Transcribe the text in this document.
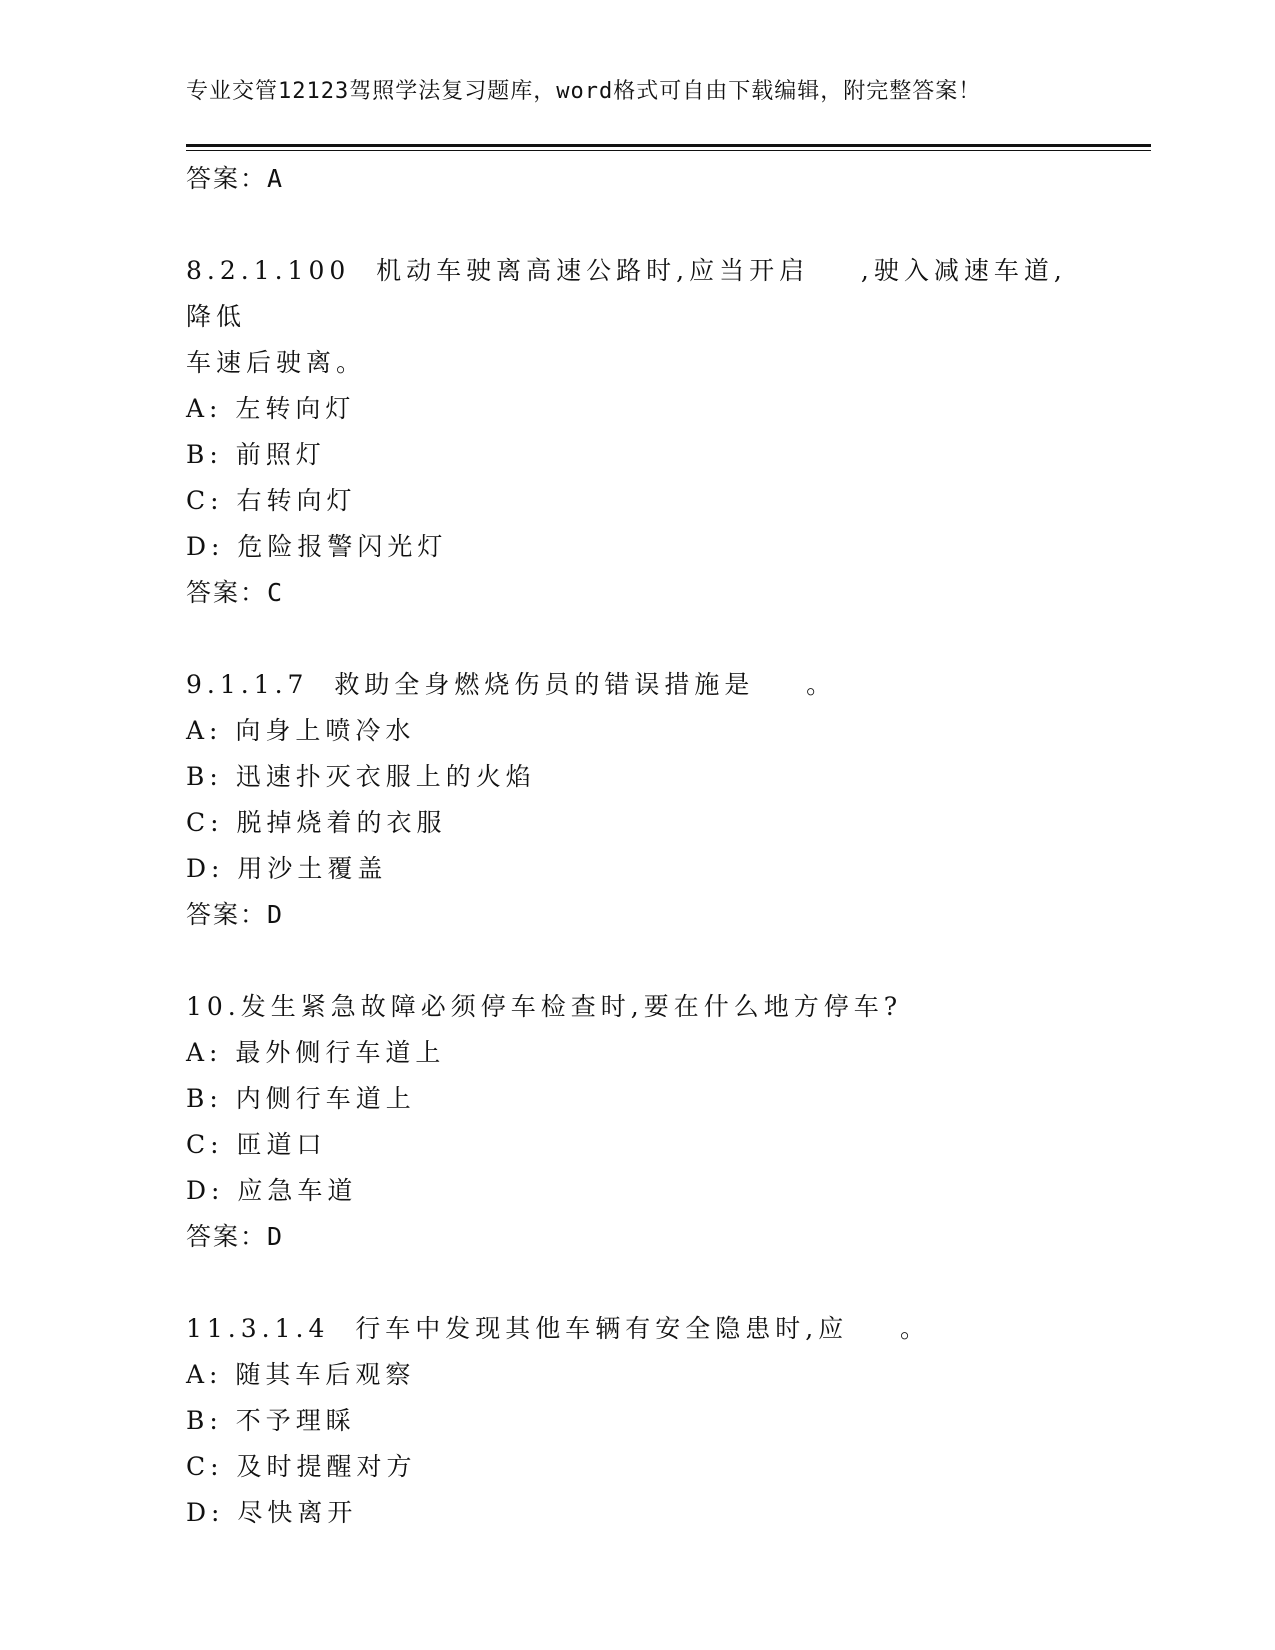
专业交管12123驾照学法复习题库，word格式可自由下载编辑，附完整答案！
答案：A
8.2.1.100  机动车驶离高速公路时,应当开启    ,驶入减速车道,降低
车速后驶离。
A: 左转向灯
B: 前照灯
C: 右转向灯
D: 危险报警闪光灯
答案：C
9.1.1.7  救助全身燃烧伤员的错误措施是    。
A: 向身上喷冷水
B: 迅速扑灭衣服上的火焰
C: 脱掉烧着的衣服
D: 用沙土覆盖
答案：D
10.发生紧急故障必须停车检查时,要在什么地方停车?
A: 最外侧行车道上
B: 内侧行车道上
C: 匝道口
D: 应急车道
答案：D
11.3.1.4  行车中发现其他车辆有安全隐患时,应    。
A: 随其车后观察
B: 不予理睬
C: 及时提醒对方
D: 尽快离开
